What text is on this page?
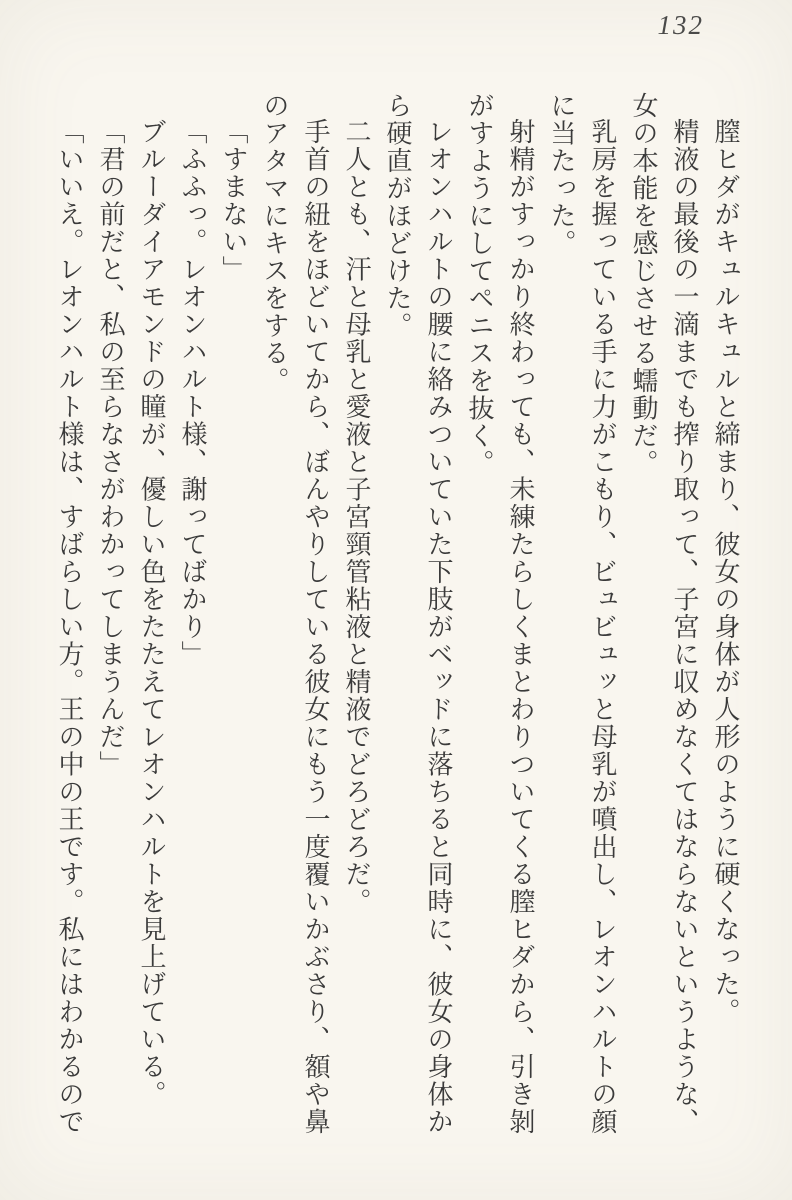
132

膣ヒダがキュルキュルと締まり、彼女の身体が人形のように硬くなった。

精液の最後の一滴までも搾り取って、子宮に収めなくてはならないというような、女の本能を感じさせる蠕動だ。

乳房を握っている手に力がこもり、ビュビュッと母乳が噴出し、レオンハルトの顔に当たった。

射精がすっかり終わっても、未練たらしくまとわりついてくる膣ヒダから、引き剝がすようにしてペニスを抜く。

レオンハルトの腰に絡みついていた下肢がベッドに落ちると同時に、彼女の身体から硬直がほどけた。

二人とも、汗と母乳と愛液と子宮頸管粘液と精液でどろどろだ。

手首の紐をほどいてから、ぼんやりしている彼女にもう一度覆いかぶさり、額や鼻のアタマにキスをする。

「すまない」

「ふふっ。レオンハルト様、謝ってばかり」

ブルーダイアモンドの瞳が、優しい色をたたえてレオンハルトを見上げている。

「君の前だと、私の至らなさがわかってしまうんだ」

「いいえ。レオンハルト様は、すばらしい方。王の中の王です。私にはわかるので
